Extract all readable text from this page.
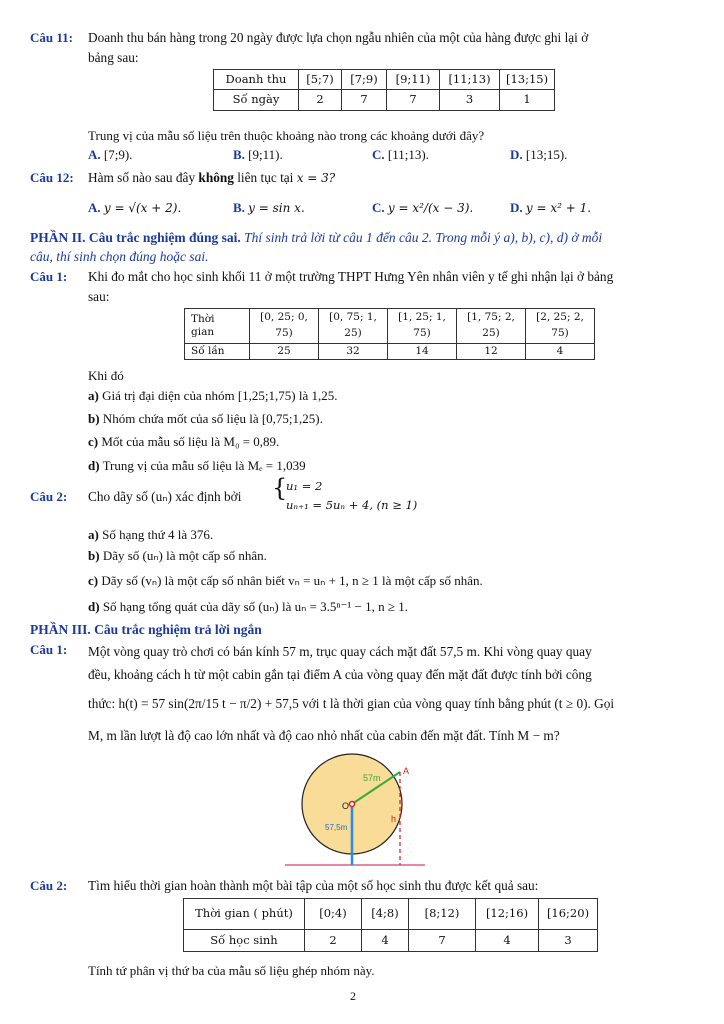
Câu 11: Doanh thu bán hàng trong 20 ngày được lựa chọn ngẫu nhiên của một của hàng được ghi lại ở
bảng sau:
Doanh thu	[5;7)	[7;9)	[9;11)	[11;13)	[13;15)
Số ngày	2	7	7	3	1
Trung vị của mẫu số liệu trên thuộc khoảng nào trong các khoảng dưới đây?
A. [7;9).	B. [9;11).	C. [11;13).	D. [13;15).
Câu 12: Hàm số nào sau đây không liên tục tại x = 3?
A. y = √(x + 2).	B. y = sin x.	C. y = x²/(x − 3).	D. y = x² + 1.
PHẦN II. Câu trắc nghiệm đúng sai. Thí sinh trả lời từ câu 1 đến câu 2. Trong mỗi ý a), b), c), d) ở mỗi
câu, thí sinh chọn đúng hoặc sai.
Câu 1: Khi đo mắt cho học sinh khối 11 ở một trường THPT Hưng Yên nhân viên y tế ghi nhận lại ở bảng
sau:
Thời
gian	[0, 25; 0, 75)	[0, 75; 1, 25)	[1, 25; 1, 75)	[1, 75; 2, 25)	[2, 25; 2, 75)
Số lần	25	32	14	12	4
Khi đó
a) Giá trị đại diện của nhóm [1,25;1,75) là 1,25.
b) Nhóm chứa mốt của số liệu là [0,75;1,25).
c) Mốt của mẫu số liệu là M₀ = 0,89.
d) Trung vị của mẫu số liệu là Mₑ = 1,039
Câu 2: Cho dãy số (uₙ) xác định bởi	{
u₁ = 2
uₙ₊₁ = 5uₙ + 4, (n ≥ 1)
a) Số hạng thứ 4 là 376.
b) Dãy số (uₙ) là một cấp số nhân.
c) Dãy số (vₙ) là một cấp số nhân biết vₙ = uₙ + 1, n ≥ 1 là một cấp số nhân.
d) Số hạng tổng quát của dãy số (uₙ) là uₙ = 3.5ⁿ⁻¹ − 1, n ≥ 1.
PHẦN III. Câu trắc nghiệm trả lời ngắn
Câu 1: Một vòng quay trò chơi có bán kính 57 m, trục quay cách mặt đất 57,5 m. Khi vòng quay quay
đều, khoảng cách h từ một cabin gắn tại điểm A của vòng quay đến mặt đất được tính bởi công
thức: h(t) = 57 sin(2π/15 t − π/2) + 57,5 với t là thời gian của vòng quay tính bằng phút (t ≥ 0). Gọi
M, m lần lượt là độ cao lớn nhất và độ cao nhỏ nhất của cabin đến mặt đất. Tính M − m?
57m
A
O
h
57,5m
Câu 2: Tìm hiểu thời gian hoàn thành một bài tập của một số học sinh thu được kết quả sau:
Thời gian ( phút)	[0;4)	[4;8)	[8;12)	[12;16)	[16;20)
Số học sinh	2	4	7	4	3
Tính tứ phân vị thứ ba của mẫu số liệu ghép nhóm này.
2
